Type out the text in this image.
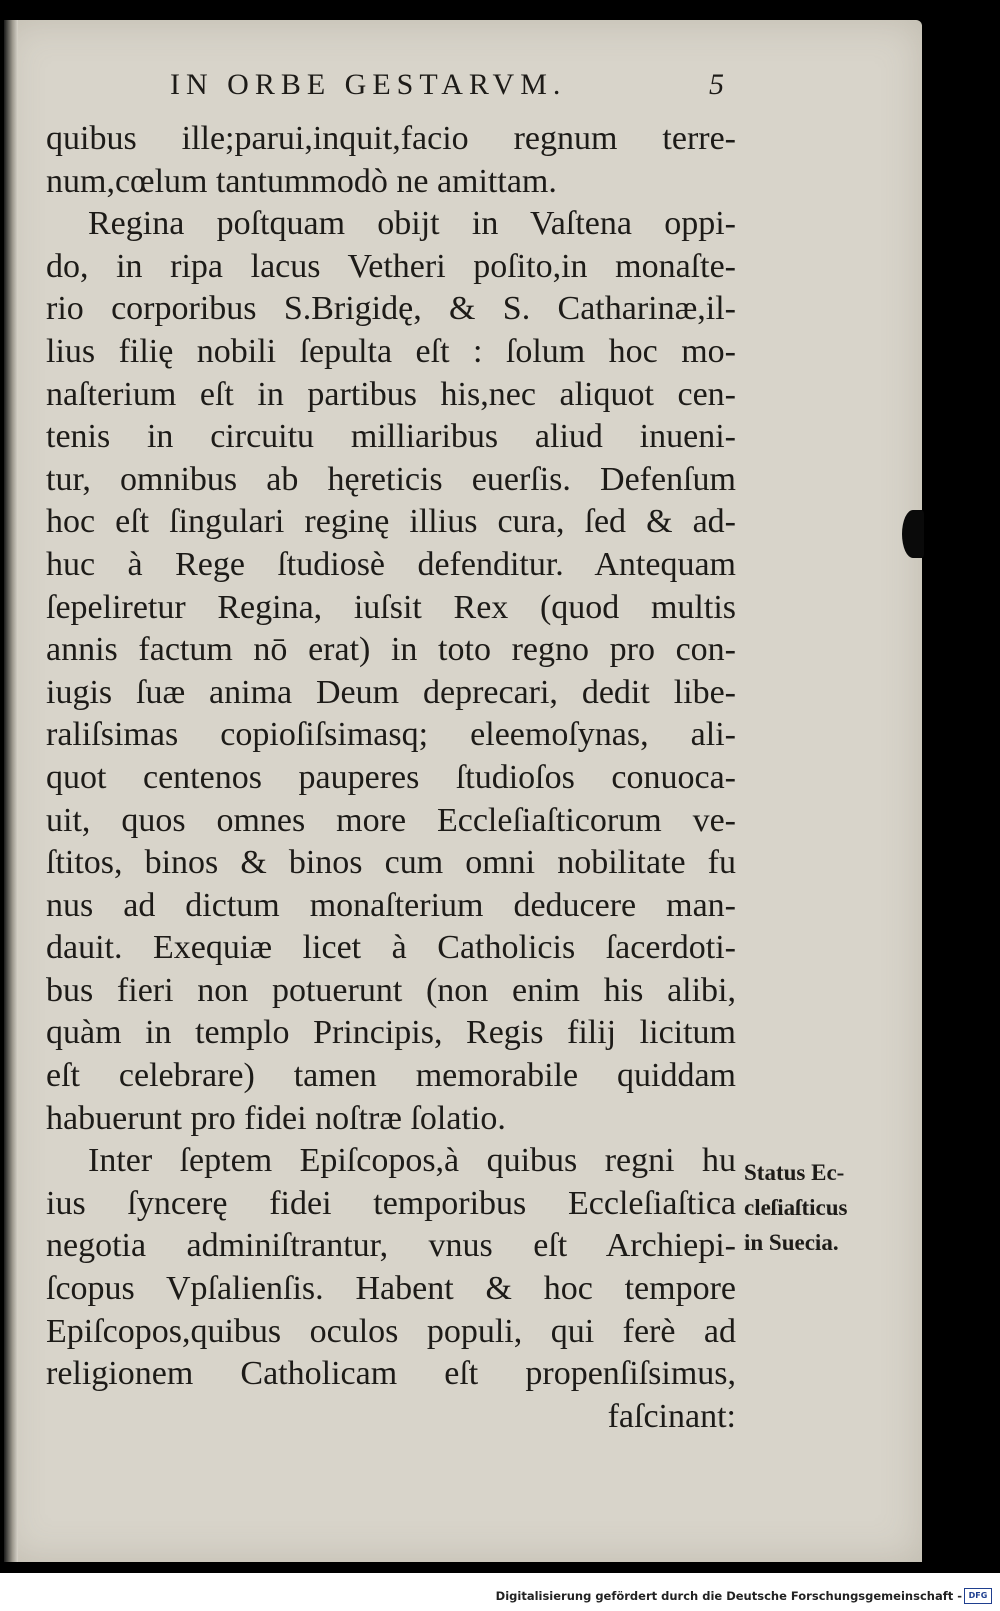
IN ORBE GESTARVM.	5
quibus ille;parui,inquit,facio regnum terre-
num,cœlum tantummodò ne amittam.
Regina poſtquam obijt in Vaſtena oppi-
do, in ripa lacus Vetheri poſito,in monaſte-
rio corporibus S.Brigidę, & S. Catharinæ,il-
lius filię nobili ſepulta eſt : ſolum hoc mo-
naſterium eſt in partibus his,nec aliquot cen-
tenis in circuitu milliaribus aliud inueni-
tur, omnibus ab hęreticis euerſis. Defenſum
hoc eſt ſingulari reginę illius cura, ſed & ad-
huc à Rege ſtudiosè defenditur. Antequam
ſepeliretur Regina, iuſsit Rex (quod multis
annis factum nō erat) in toto regno pro con-
iugis ſuæ anima Deum deprecari, dedit libe-
raliſsimas copioſiſsimasq; eleemoſynas, ali-
quot centenos pauperes ſtudioſos conuoca-
uit, quos omnes more Eccleſiaſticorum ve-
ſtitos, binos & binos cum omni nobilitate fu
nus ad dictum monaſterium deducere man-
dauit. Exequiæ licet à Catholicis ſacerdoti-
bus fieri non potuerunt (non enim his alibi,
quàm in templo Principis, Regis filij licitum
eſt celebrare) tamen memorabile quiddam
habuerunt pro fidei noſtræ ſolatio.
Inter ſeptem Epiſcopos,à quibus regni hu
ius ſyncerę fidei temporibus Eccleſiaſtica
negotia adminiſtrantur, vnus eſt Archiepi-
ſcopus Vpſalienſis. Habent & hoc tempore
Epiſcopos,quibus oculos populi, qui ferè ad
religionem Catholicam eſt propenſiſsimus,
faſcinant:
Status Ec-
cleſiaſticus
in Suecia.
Digitalisierung gefördert durch die Deutsche Forschungsgemeinschaft - DFG
